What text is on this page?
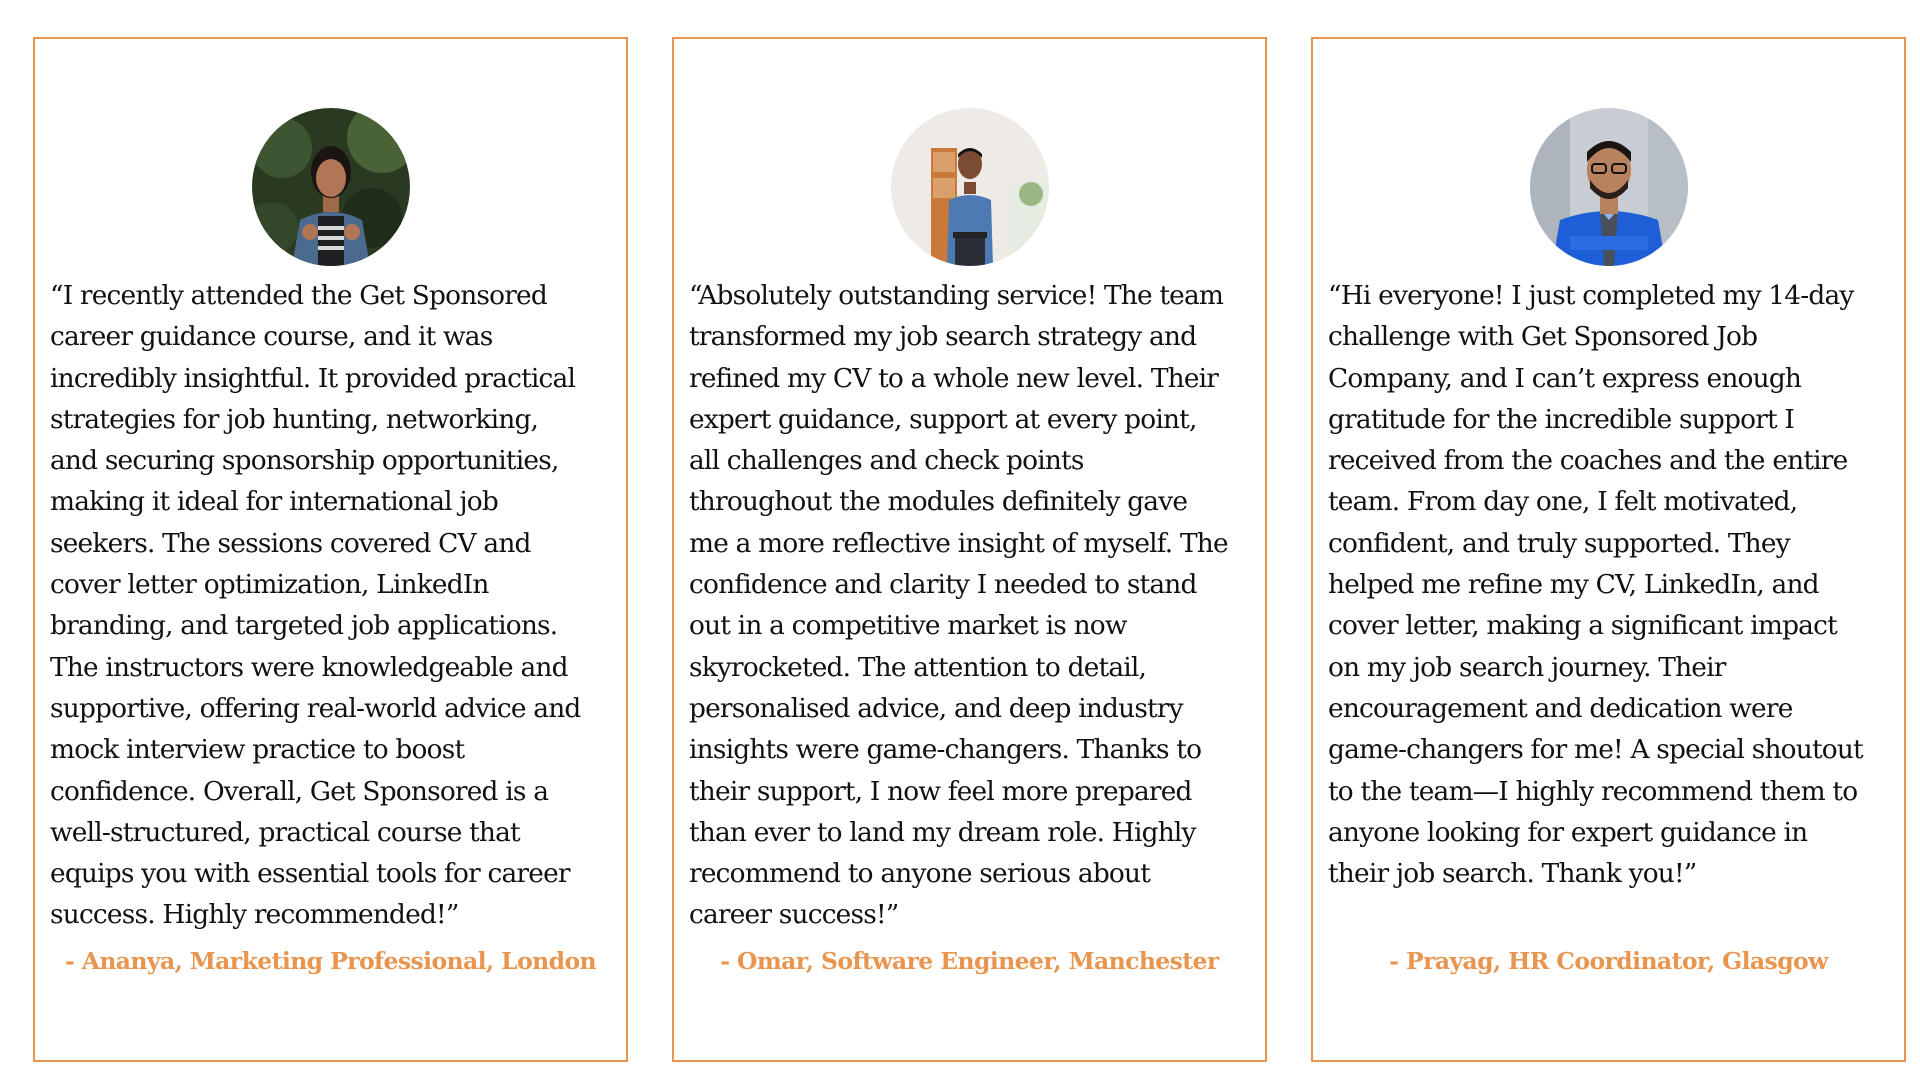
“I recently attended the Get Sponsored
career guidance course, and it was
incredibly insightful. It provided practical
strategies for job hunting, networking,
and securing sponsorship opportunities,
making it ideal for international job
seekers. The sessions covered CV and
cover letter optimization, LinkedIn
branding, and targeted job applications.
The instructors were knowledgeable and
supportive, offering real-world advice and
mock interview practice to boost
confidence. Overall, Get Sponsored is a
well-structured, practical course that
equips you with essential tools for career
success. Highly recommended!”

- Ananya, Marketing Professional, London

“Absolutely outstanding service! The team
transformed my job search strategy and
refined my CV to a whole new level. Their
expert guidance, support at every point,
all challenges and check points
throughout the modules definitely gave
me a more reflective insight of myself. The
confidence and clarity I needed to stand
out in a competitive market is now
skyrocketed. The attention to detail,
personalised advice, and deep industry
insights were game-changers. Thanks to
their support, I now feel more prepared
than ever to land my dream role. Highly
recommend to anyone serious about
career success!”

- Omar, Software Engineer, Manchester

“Hi everyone! I just completed my 14-day
challenge with Get Sponsored Job
Company, and I can’t express enough
gratitude for the incredible support I
received from the coaches and the entire
team. From day one, I felt motivated,
confident, and truly supported. They
helped me refine my CV, LinkedIn, and
cover letter, making a significant impact
on my job search journey. Their
encouragement and dedication were
game-changers for me! A special shoutout
to the team—I highly recommend them to
anyone looking for expert guidance in
their job search. Thank you!”

- Prayag, HR Coordinator, Glasgow
